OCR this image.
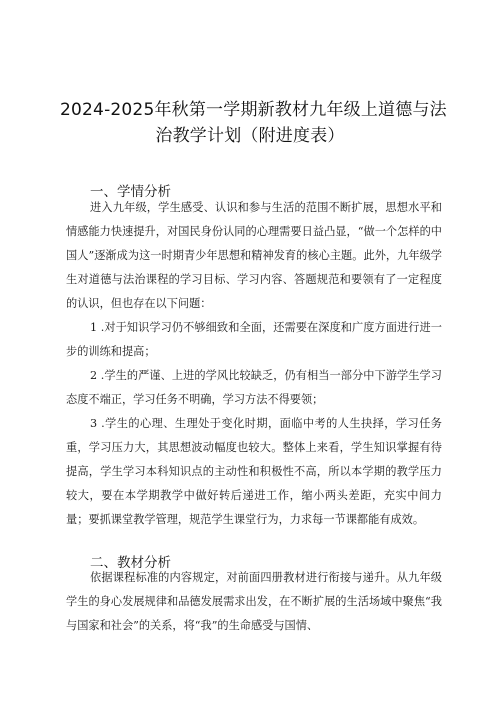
2024-2025年秋第一学期新教材九年级上道德与法
治教学计划（附进度表）
一、学情分析

进入九年级，学生感受、认识和参与生活的范围不断扩展，思想水平和情感能力快速提升，对国民身份认同的心理需要日益凸显，“做一个怎样的中国人”逐渐成为这一时期青少年思想和精神发育的核心主题。此外，九年级学生对道德与法治课程的学习目标、学习内容、答题规范和要领有了一定程度的认识，但也存在以下问题：

1 .对于知识学习仍不够细致和全面，还需要在深度和广度方面进行进一步的训练和提高；

2 .学生的严谨、上进的学风比较缺乏，仍有相当一部分中下游学生学习态度不端正，学习任务不明确，学习方法不得要领；

3 .学生的心理、生理处于变化时期，面临中考的人生抉择，学习任务重，学习压力大，其思想波动幅度也较大。整体上来看，学生知识掌握有待提高，学生学习本科知识点的主动性和积极性不高，所以本学期的教学压力较大，要在本学期教学中做好转后递进工作，缩小两头差距，充实中间力量；要抓课堂教学管理，规范学生课堂行为，力求每一节课都能有成效。

二、教材分析

依据课程标准的内容规定，对前面四册教材进行衔接与递升。从九年级学生的身心发展规律和品德发展需求出发，在不断扩展的生活场域中聚焦“我与国家和社会”的关系，将“我”的生命感受与国情、
